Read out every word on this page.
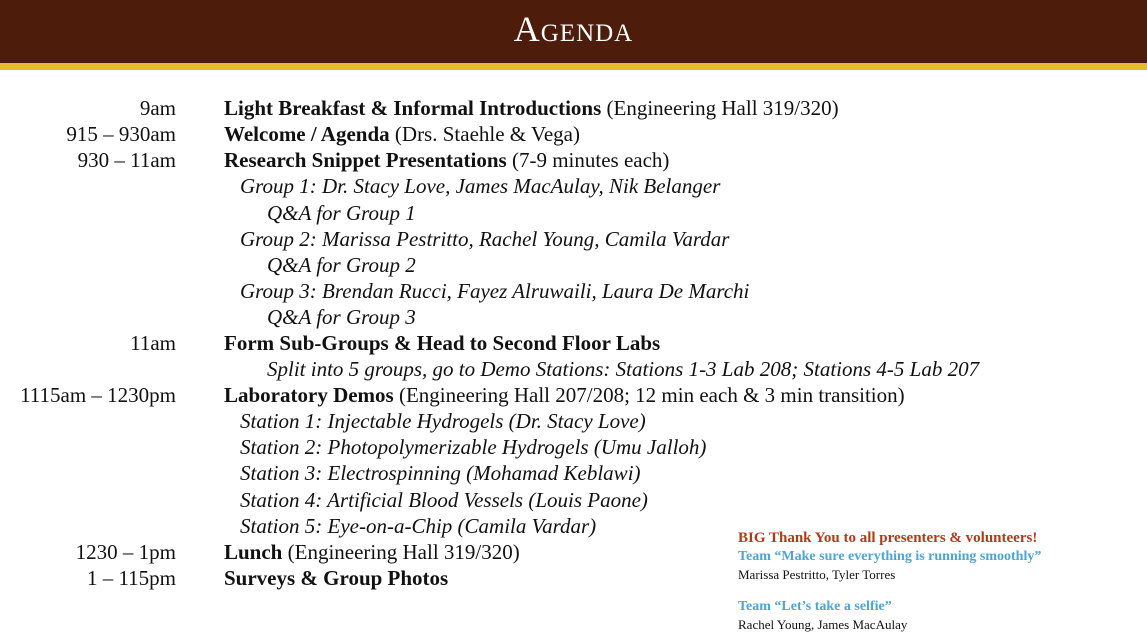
Agenda
9am Light Breakfast & Informal Introductions (Engineering Hall 319/320)
915 – 930am Welcome / Agenda (Drs. Staehle & Vega)
930 – 11am Research Snippet Presentations (7-9 minutes each)
Group 1: Dr. Stacy Love, James MacAulay, Nik Belanger
Q&A for Group 1
Group 2: Marissa Pestritto, Rachel Young, Camila Vardar
Q&A for Group 2
Group 3: Brendan Rucci, Fayez Alruwaili, Laura De Marchi
Q&A for Group 3
11am Form Sub-Groups & Head to Second Floor Labs
Split into 5 groups, go to Demo Stations: Stations 1-3 Lab 208; Stations 4-5 Lab 207
1115am – 1230pm Laboratory Demos (Engineering Hall 207/208; 12 min each & 3 min transition)
Station 1: Injectable Hydrogels (Dr. Stacy Love)
Station 2: Photopolymerizable Hydrogels (Umu Jalloh)
Station 3: Electrospinning (Mohamad Keblawi)
Station 4: Artificial Blood Vessels (Louis Paone)
Station 5: Eye-on-a-Chip (Camila Vardar)
1230 – 1pm Lunch (Engineering Hall 319/320)
1 – 115pm Surveys & Group Photos
BIG Thank You to all presenters & volunteers!
Team “Make sure everything is running smoothly”
Marissa Pestritto, Tyler Torres
Team “Let’s take a selfie”
Rachel Young, James MacAulay
